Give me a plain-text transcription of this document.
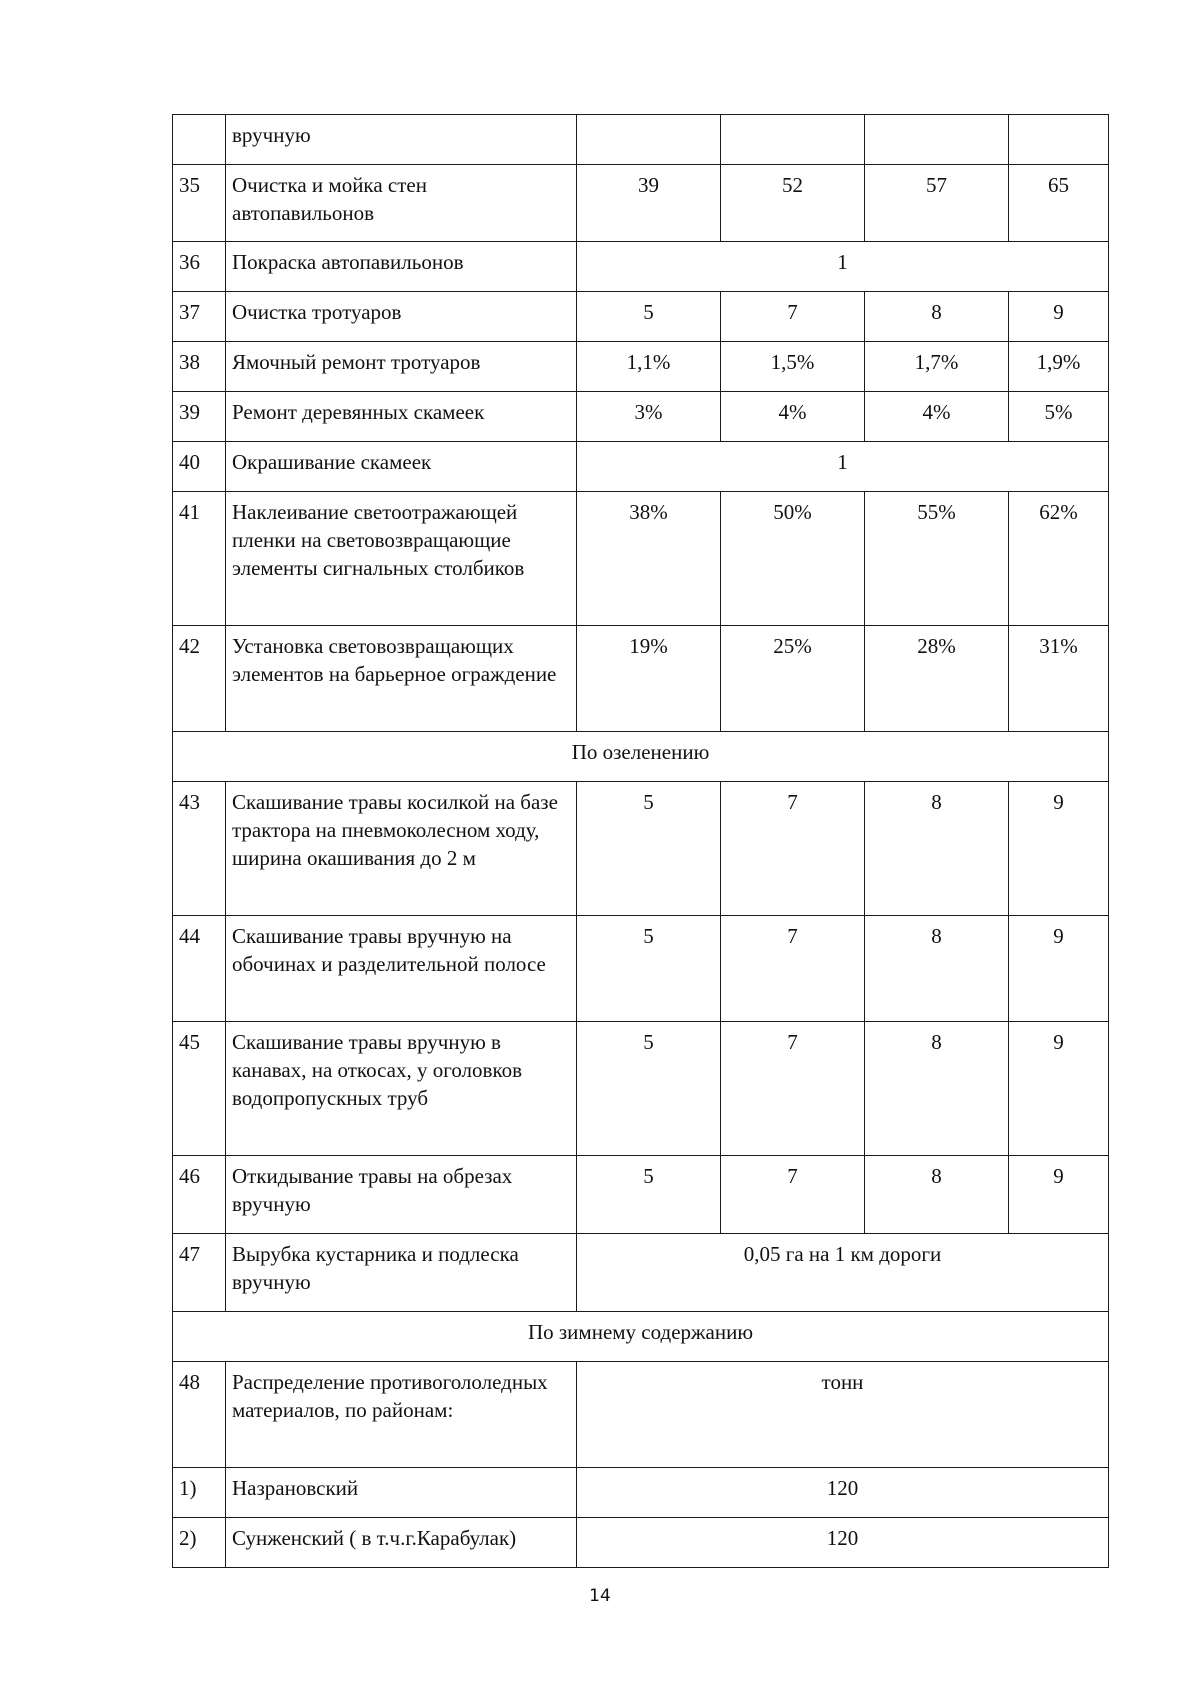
	вручную				
35	Очистка и мойка стен автопавильонов	39	52	57	65
36	Покраска автопавильонов	1			
37	Очистка тротуаров	5	7	8	9
38	Ямочный ремонт тротуаров	1,1%	1,5%	1,7%	1,9%
39	Ремонт деревянных скамеек	3%	4%	4%	5%
40	Окрашивание скамеек	1			
41	Наклеивание светоотражающей пленки на световозвращающие элементы сигнальных столбиков	38%	50%	55%	62%
42	Установка световозвращающих элементов на барьерное ограждение	19%	25%	28%	31%
По озеленению					
43	Скашивание травы косилкой на базе трактора на пневмоколесном ходу, ширина окашивания до 2 м	5	7	8	9
44	Скашивание травы вручную на обочинах и разделительной полосе	5	7	8	9
45	Скашивание травы вручную в канавах, на откосах, у оголовков водопропускных труб	5	7	8	9
46	Откидывание травы на обрезах вручную	5	7	8	9
47	Вырубка кустарника и подлеска вручную	0,05 га на 1 км дороги			
По зимнему содержанию					
48	Распределение противогололедных материалов, по районам:	тонн			
1)	Назрановский	120			
2)	Сунженский ( в т.ч.г.Карабулак)	120			
14
